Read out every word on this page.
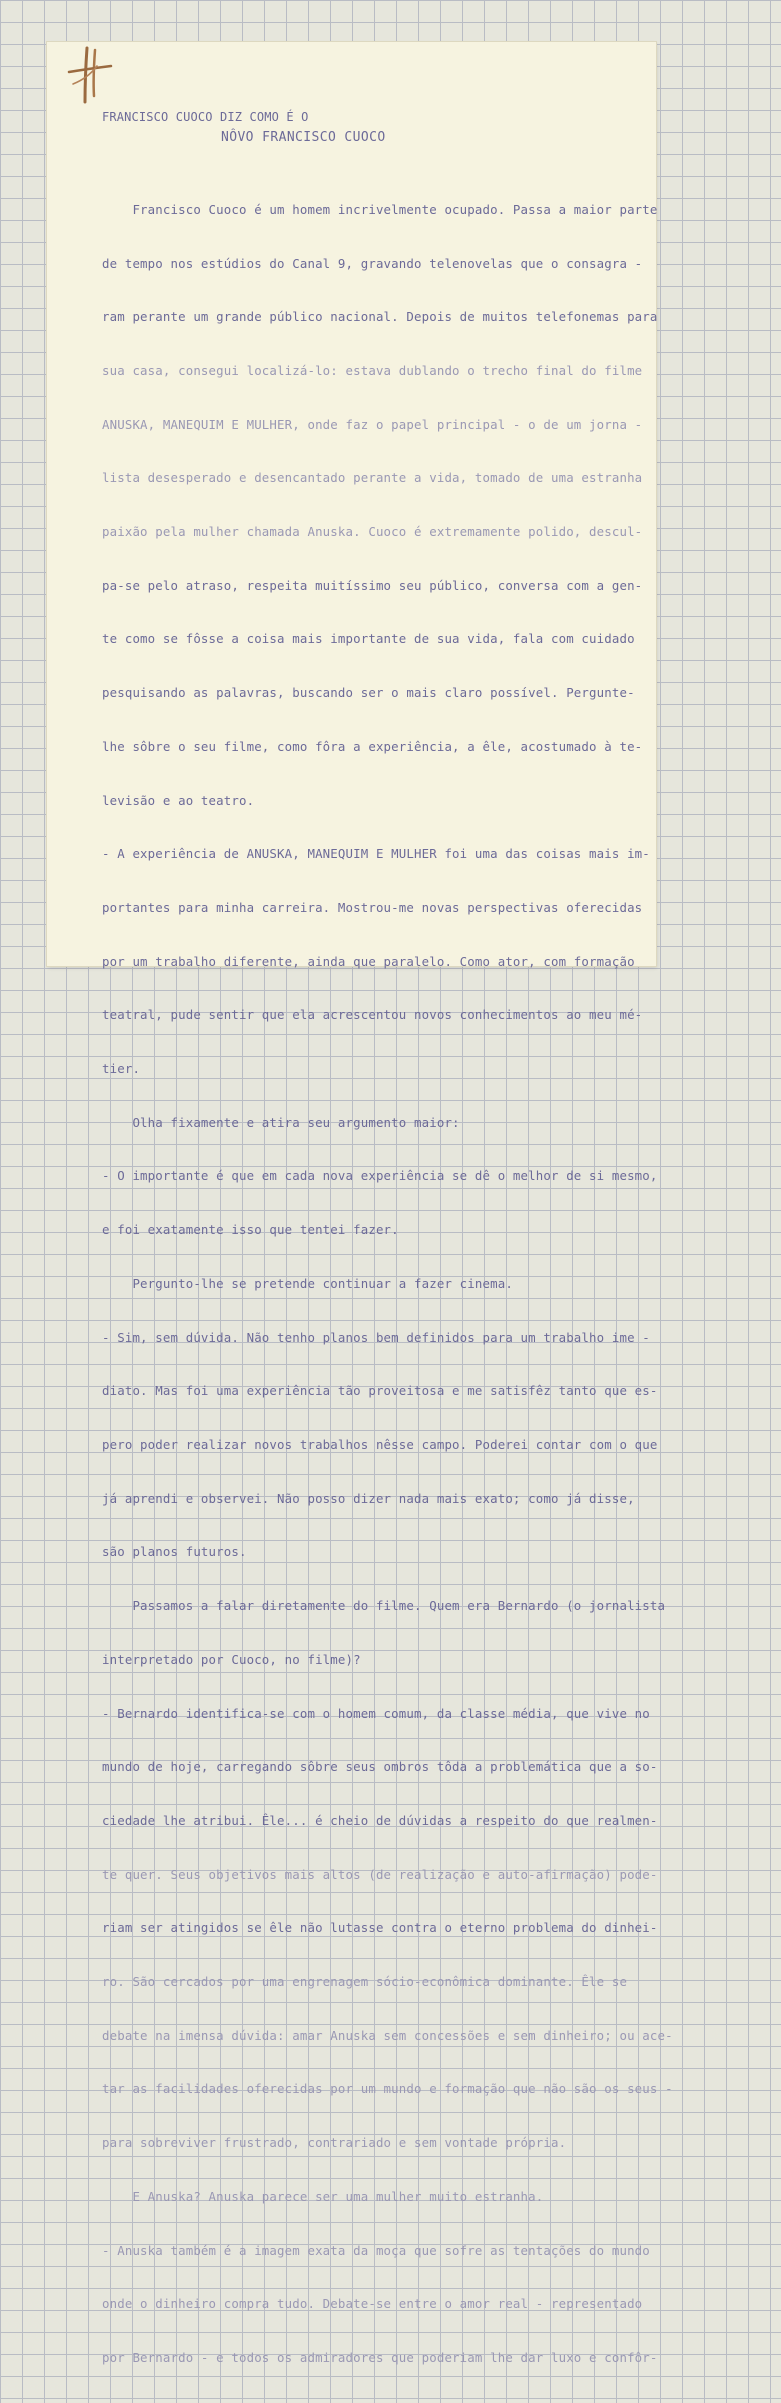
FRANCISCO CUOCO DIZ COMO É O
NÔVO FRANCISCO CUOCO

Francisco Cuoco é um homem incrivelmente ocupado. Passa a maior parte

de tempo nos estúdios do Canal 9, gravando telenovelas que o consagra -

ram perante um grande público nacional. Depois de muitos telefonemas para

sua casa, consegui localizá-lo: estava dublando o trecho final do filme

ANUSKA, MANEQUIM E MULHER, onde faz o papel principal - o de um jorna -

lista desesperado e desencantado perante a vida, tomado de uma estranha

paixão pela mulher chamada Anuska. Cuoco é extremamente polido, descul-

pa-se pelo atraso, respeita muitíssimo seu público, conversa com a gen-

te como se fôsse a coisa mais importante de sua vida, fala com cuidado

pesquisando as palavras, buscando ser o mais claro possível. Pergunte-

lhe sôbre o seu filme, como fôra a experiência, a êle, acostumado à te-

levisão e ao teatro.

- A experiência de ANUSKA, MANEQUIM E MULHER foi uma das coisas mais im-

portantes para minha carreira. Mostrou-me novas perspectivas oferecidas

por um trabalho diferente, ainda que paralelo. Como ator, com formação

teatral, pude sentir que ela acrescentou novos conhecimentos ao meu mé-

tier.

Olha fixamente e atira seu argumento maior:

- O importante é que em cada nova experiência se dê o melhor de si mesmo,

e foi exatamente isso que tentei fazer.

Pergunto-lhe se pretende continuar a fazer cinema.

- Sim, sem dúvida. Não tenho planos bem definidos para um trabalho ime -

diato. Mas foi uma experiência tão proveitosa e me satisfêz tanto que es-

pero poder realizar novos trabalhos nêsse campo. Poderei contar com o que

já aprendi e observei. Não posso dizer nada mais exato; como já disse,

são planos futuros.

Passamos a falar diretamente do filme. Quem era Bernardo (o jornalista

interpretado por Cuoco, no filme)?

- Bernardo identifica-se com o homem comum, da classe média, que vive no

mundo de hoje, carregando sôbre seus ombros tôda a problemática que a so-

ciedade lhe atribui. Êle... é cheio de dúvidas a respeito do que realmen-

te quer. Seus objetivos mais altos (de realização e auto-afirmação) pode-

riam ser atingidos se êle não lutasse contra o eterno problema do dinhei-

ro. São cercados por uma engrenagem sócio-econômica dominante. Êle se

debate na imensa dúvida: amar Anuska sem concessões e sem dinheiro; ou ace-

tar as facilidades oferecidas por um mundo e formação que não são os seus -

para sobreviver frustrado, contrariado e sem vontade própria.

E Anuska? Anuska parece ser uma mulher muito estranha.

- Anuska também é a imagem exata da moça que sofre as tentações do mundo

onde o dinheiro compra tudo. Debate-se entre o amor real - representado

por Bernardo - e todos os admiradores que poderiam lhe dar luxo e confôr-
